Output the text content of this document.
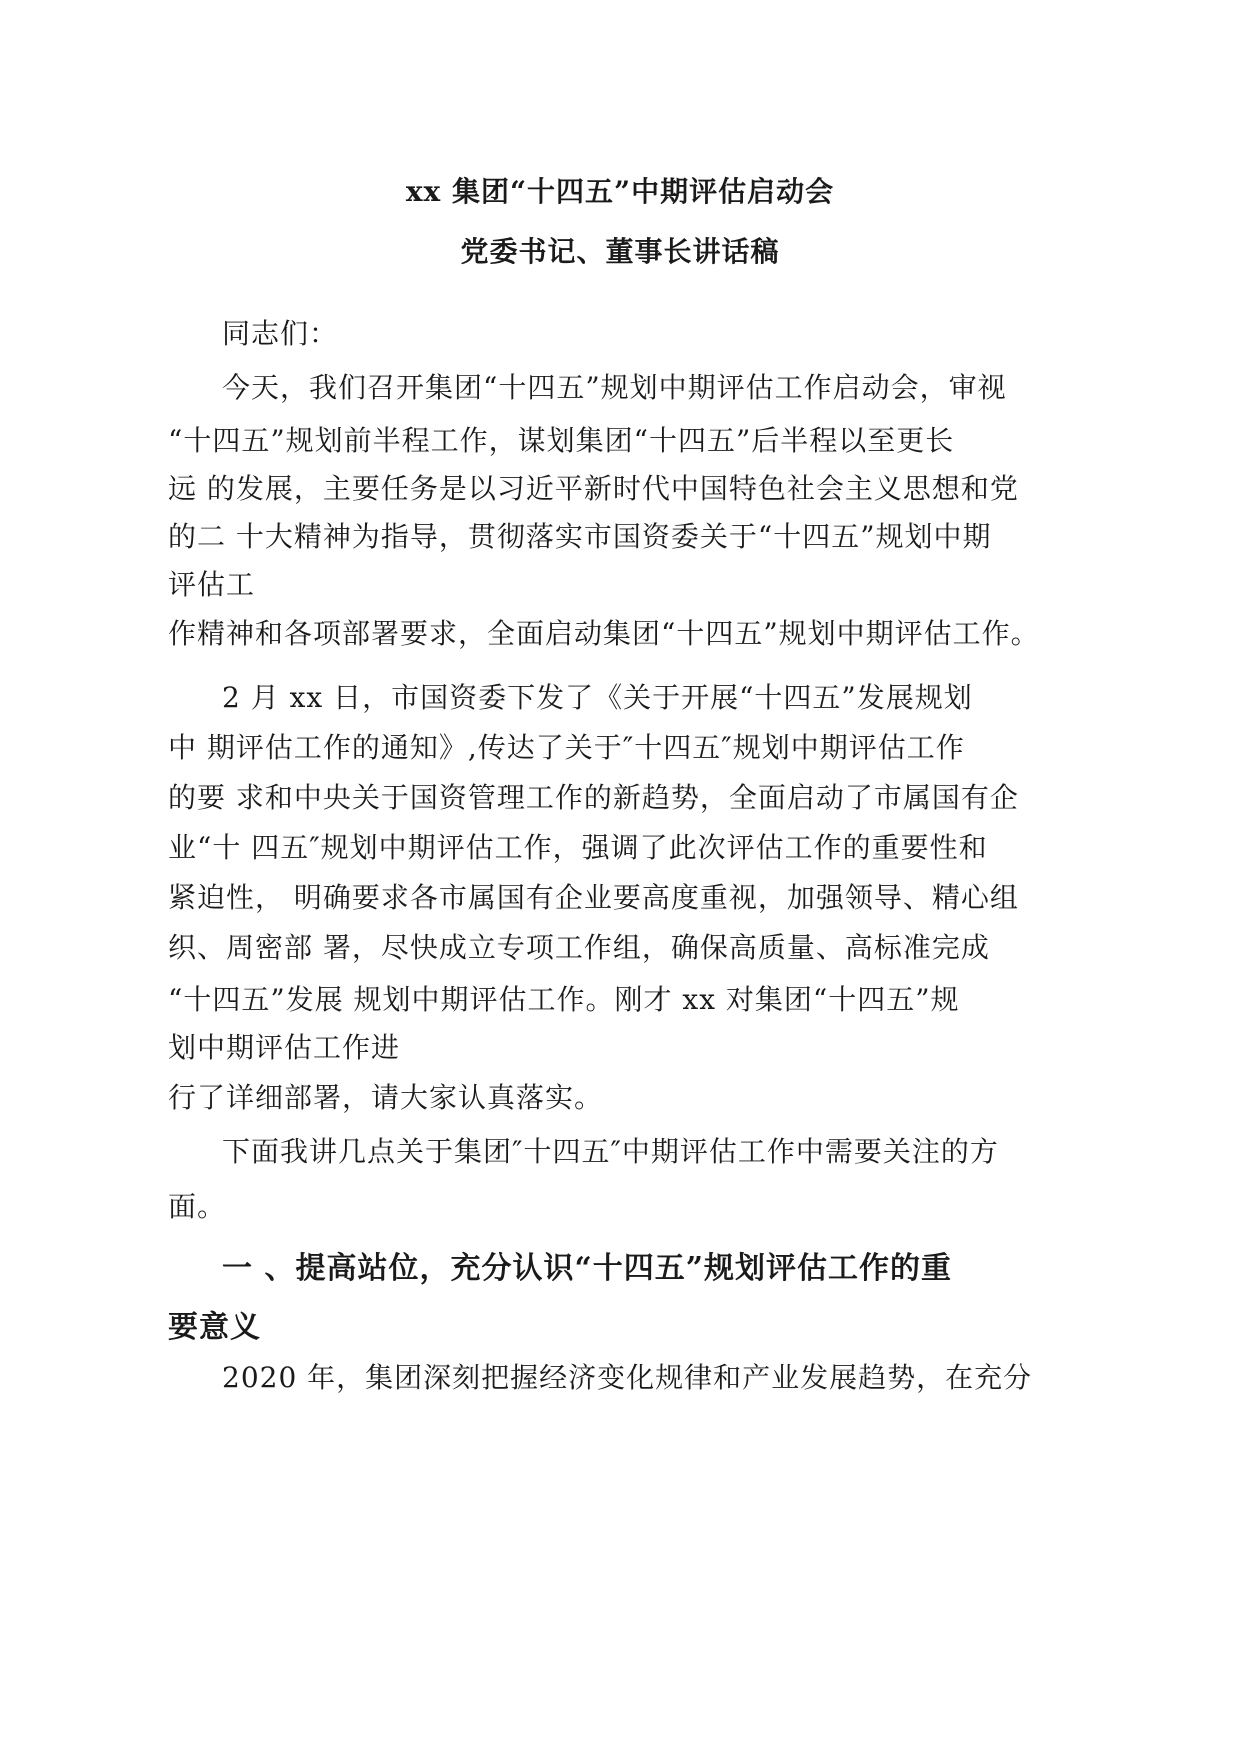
xx 集团“十四五”中期评估启动会
党委书记、董事长讲话稿
同志们：
今天，我们召开集团“十四五”规划中期评估工作启动会，审视
“十四五”规划前半程工作，谋划集团“十四五”后半程以至更长
远 的发展，主要任务是以习近平新时代中国特色社会主义思想和党
的二 十大精神为指导，贯彻落实市国资委关于“十四五”规划中期
评估工
作精神和各项部署要求，全面启动集团“十四五”规划中期评估工作。
2 月 xx 日，市国资委下发了《关于开展“十四五”发展规划
中 期评估工作的通知》,传达了关于″十四五″规划中期评估工作
的要 求和中央关于国资管理工作的新趋势，全面启动了市属国有企
业“十 四五″规划中期评估工作，强调了此次评估工作的重要性和
紧迫性， 明确要求各市属国有企业要高度重视，加强领导、精心组
织、周密部 署，尽快成立专项工作组，确保高质量、高标准完成
“十四五”发展 规划中期评估工作。刚才 xx 对集团“十四五”规
划中期评估工作进
行了详细部署，请大家认真落实。
下面我讲几点关于集团″十四五″中期评估工作中需要关注的方
面。
一 、提高站位，充分认识“十四五”规划评估工作的重
要意义
2020 年，集团深刻把握经济变化规律和产业发展趋势，在充分
